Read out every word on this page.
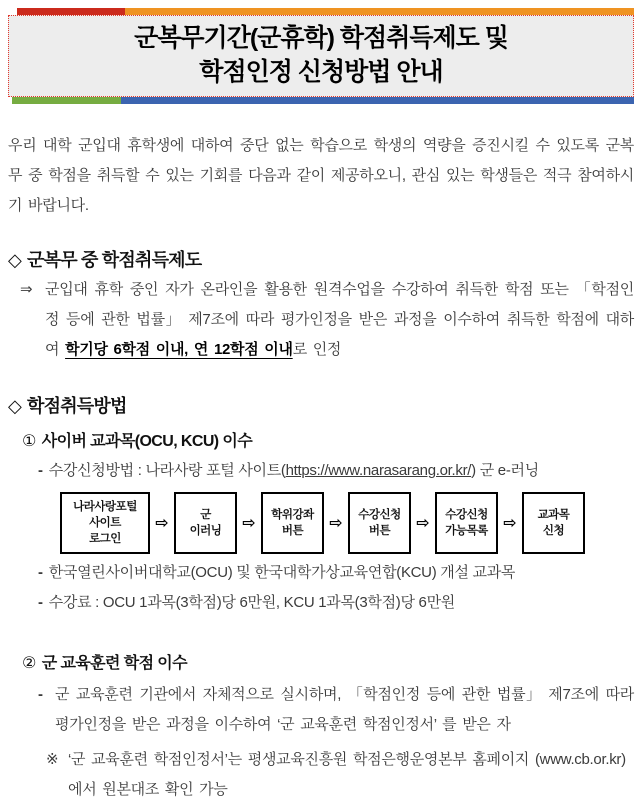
군복무기간(군휴학) 학점취득제도 및
학점인정 신청방법 안내

우리 대학 군입대 휴학생에 대하여 중단 없는 학습으로 학생의 역량을 증진시킬 수 있도록 군복무 중 학점을 취득할 수 있는 기회를 다음과 같이 제공하오니, 관심 있는 학생들은 적극 참여하시기 바랍니다.

◇ 군복무 중 학점취득제도
⇒ 군입대 휴학 중인 자가 온라인을 활용한 원격수업을 수강하여 취득한 학점 또는 「학점인정 등에 관한 법률」 제7조에 따라 평가인정을 받은 과정을 이수하여 취득한 학점에 대하여 학기당 6학점 이내, 연 12학점 이내로 인정
◇ 학점취득방법
① 사이버 교과목(OCU, KCU) 이수
- 수강신청방법 : 나라사랑 포털 사이트(https://www.narasarang.or.kr/) 군 e-러닝
나라사랑포털
사이트
로그인
⇨	군
이러닝	⇨	학위강좌
버튼	⇨	수강신청
버튼	⇨	수강신청
가능목록 ⇨	교과목
신청
- 한국열린사이버대학교(OCU) 및 한국대학가상교육연합(KCU) 개설 교과목
- 수강료 : OCU 1과목(3학점)당 6만원, KCU 1과목(3학점)당 6만원
② 군 교육훈련 학점 이수
- 군 교육훈련 기관에서 자체적으로 실시하며, 「학점인정 등에 관한 법률」 제7조에 따라 평가인정을 받은 과정을 이수하여 ‘군 교육훈련 학점인정서’ 를 받은 자
※ ‘군 교육훈련 학점인정서’는 평생교육진흥원 학점은행운영본부 홈페이지 (www.cb.or.kr)에서 원본대조 확인 가능
